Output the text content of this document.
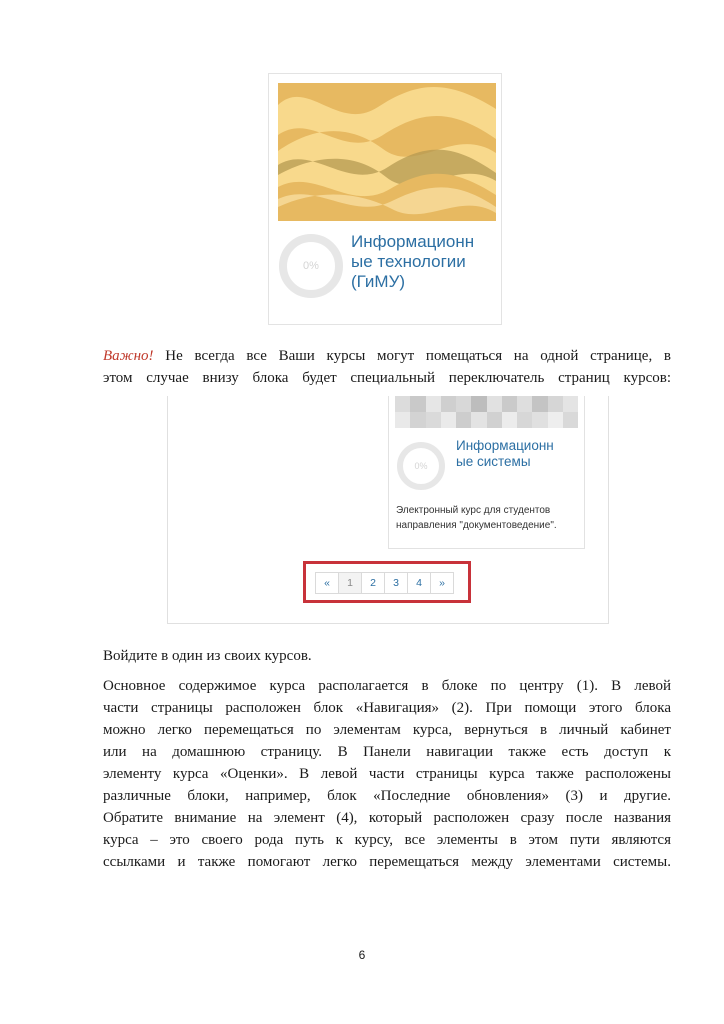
0%
Информационн
ые технологии
(ГиМУ)
Важно! Не всегда все Ваши курсы могут помещаться на одной странице, в
этом случае внизу блока будет специальный переключатель страниц курсов:
0%
Информационн
ые системы
Электронный курс для студентов
направления "документоведение".
«	1	2	3	4	»
Войдите в один из своих курсов.
Основное содержимое курса располагается в блоке по центру (1). В левой
части страницы расположен блок «Навигация» (2). При помощи этого блока
можно легко перемещаться по элементам курса, вернуться в личный кабинет
или на домашнюю страницу. В Панели навигации также есть доступ к
элементу курса «Оценки». В левой части страницы курса также расположены
различные блоки, например, блок «Последние обновления» (3) и другие.
Обратите внимание на элемент (4), который расположен сразу после названия
курса – это своего рода путь к курсу, все элементы в этом пути являются
ссылками и также помогают легко перемещаться между элементами системы.
6
